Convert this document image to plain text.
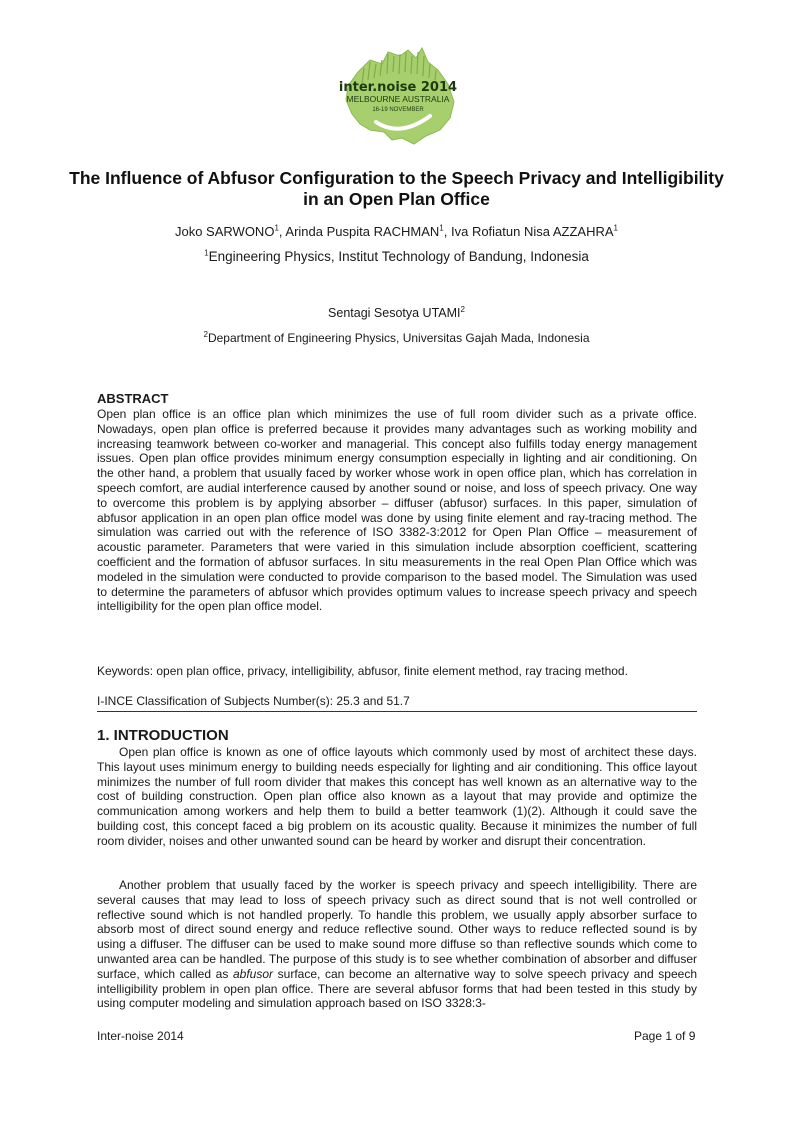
inter.noise 2014
MELBOURNE AUSTRALIA
16-19 NOVEMBER
The Influence of Abfusor Configuration to the Speech Privacy and Intelligibility in an Open Plan Office
Joko SARWONO$^1$, Arinda Puspita RACHMAN$^1$, Iva Rofiatun Nisa AZZAHRA$^1$
$^1$Engineering Physics, Institut Technology of Bandung, Indonesia
Sentagi Sesotya UTAMI$^2$
$^2$Department of Engineering Physics, Universitas Gajah Mada, Indonesia
ABSTRACT
Open plan office is an office plan which minimizes the use of full room divider such as a private office. Nowadays, open plan office is preferred because it provides many advantages such as working mobility and increasing teamwork between co-worker and managerial. This concept also fulfills today energy management issues. Open plan office provides minimum energy consumption especially in lighting and air conditioning. On the other hand, a problem that usually faced by worker whose work in open office plan, which has correlation in speech comfort, are audial interference caused by another sound or noise, and loss of speech privacy. One way to overcome this problem is by applying absorber – diffuser (abfusor) surfaces. In this paper, simulation of abfusor application in an open plan office model was done by using finite element and ray-tracing method. The simulation was carried out with the reference of ISO 3382-3:2012 for Open Plan Office – measurement of acoustic parameter. Parameters that were varied in this simulation include absorption coefficient, scattering coefficient and the formation of abfusor surfaces. In situ measurements in the real Open Plan Office which was modeled in the simulation were conducted to provide comparison to the based model. The Simulation was used to determine the parameters of abfusor which provides optimum values to increase speech privacy and speech intelligibility for the open plan office model.
Keywords: open plan office, privacy, intelligibility, abfusor, finite element method, ray tracing method.
I-INCE Classification of Subjects Number(s): 25.3 and 51.7
1. INTRODUCTION
Open plan office is known as one of office layouts which commonly used by most of architect these days. This layout uses minimum energy to building needs especially for lighting and air conditioning. This office layout minimizes the number of full room divider that makes this concept has well known as an alternative way to the cost of building construction. Open plan office also known as a layout that may provide and optimize the communication among workers and help them to build a better teamwork (1)(2). Although it could save the building cost, this concept faced a big problem on its acoustic quality. Because it minimizes the number of full room divider, noises and other unwanted sound can be heard by worker and disrupt their concentration.
Another problem that usually faced by the worker is speech privacy and speech intelligibility. There are several causes that may lead to loss of speech privacy such as direct sound that is not well controlled or reflective sound which is not handled properly. To handle this problem, we usually apply absorber surface to absorb most of direct sound energy and reduce reflective sound. Other ways to reduce reflected sound is by using a diffuser. The diffuser can be used to make sound more diffuse so than reflective sounds which come to unwanted area can be handled. The purpose of this study is to see whether combination of absorber and diffuser surface, which called as abfusor surface, can become an alternative way to solve speech privacy and speech intelligibility problem in open plan office. There are several abfusor forms that had been tested in this study by using computer modeling and simulation approach based on ISO 3328:3-
Inter-noise 2014	Page 1 of 9
